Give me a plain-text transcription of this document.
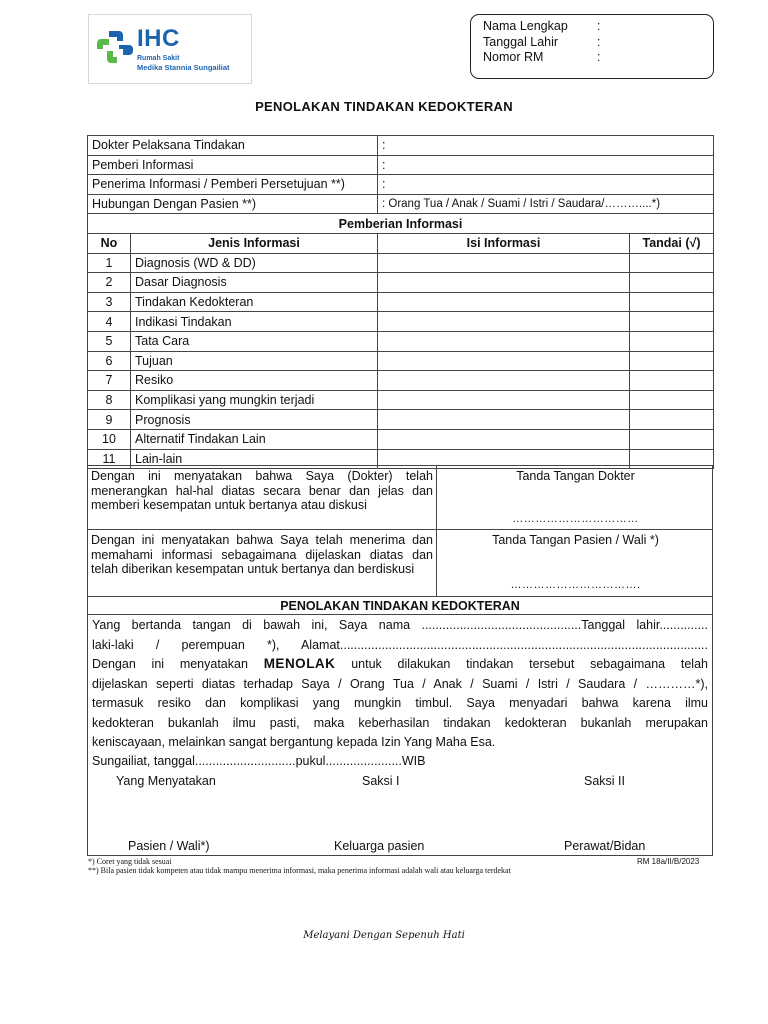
IHC
Rumah Sakit
Medika Stannia Sungailiat
Nama Lengkap :
Tanggal Lahir	:
Nomor RM	:
PENOLAKAN TINDAKAN KEDOKTERAN
Dokter Pelaksana Tindakan		:	
Pemberi Informasi		:	
Penerima Informasi / Pemberi Persetujuan **)		:	
Hubungan Dengan Pasien **)		: Orang Tua / Anak / Suami / Istri / Saudara/………....*)	
Pemberian Informasi			
No	Jenis Informasi	Isi Informasi	Tandai (√)
1	Diagnosis (WD & DD)		
2	Dasar Diagnosis		
3	Tindakan Kedokteran		
4	Indikasi Tindakan		
5	Tata Cara		
6	Tujuan		
7	Resiko		
8	Komplikasi yang mungkin terjadi		
9	Prognosis		
10	Alternatif Tindakan Lain		
11	Lain-lain		
Dengan ini menyatakan bahwa Saya (Dokter) telah menerangkan hal-hal diatas secara benar dan jelas dan memberi kesempatan untuk bertanya atau diskusi
Tanda Tangan Dokter
……………………………
Dengan ini menyatakan bahwa Saya telah menerima dan memahami informasi sebagaimana dijelaskan diatas dan telah diberikan kesempatan untuk bertanya dan berdiskusi
Tanda Tangan Pasien / Wali *)
…………………………….
PENOLAKAN TINDAKAN KEDOKTERAN
Yang bertanda tangan di bawah ini, Saya nama ..............................................Tanggal lahir..............
laki-laki / perempuan *), Alamat..........................................................................................................
Dengan ini menyatakan MENOLAK untuk dilakukan tindakan tersebut sebagaimana telah
dijelaskan seperti diatas terhadap Saya / Orang Tua / Anak / Suami / Istri / Saudara / …………*),
termasuk resiko dan komplikasi yang mungkin timbul. Saya menyadari bahwa karena ilmu
kedokteran bukanlah ilmu pasti, maka keberhasilan tindakan kedokteran bukanlah merupakan
keniscayaan, melainkan sangat bergantung kepada Izin Yang Maha Esa.
Sungailiat, tanggal.............................pukul......................WIB
Yang Menyatakan	Saksi I	Saksi II
Pasien / Wali*)	Keluarga pasien	Perawat/Bidan
*) Coret yang tidak sesuai	RM 18a/II/B/2023
**) Bila pasien tidak kompeten atau tidak mampu menerima informasi, maka penerima informasi adalah wali atau keluarga terdekat
Melayani Dengan Sepenuh Hati
